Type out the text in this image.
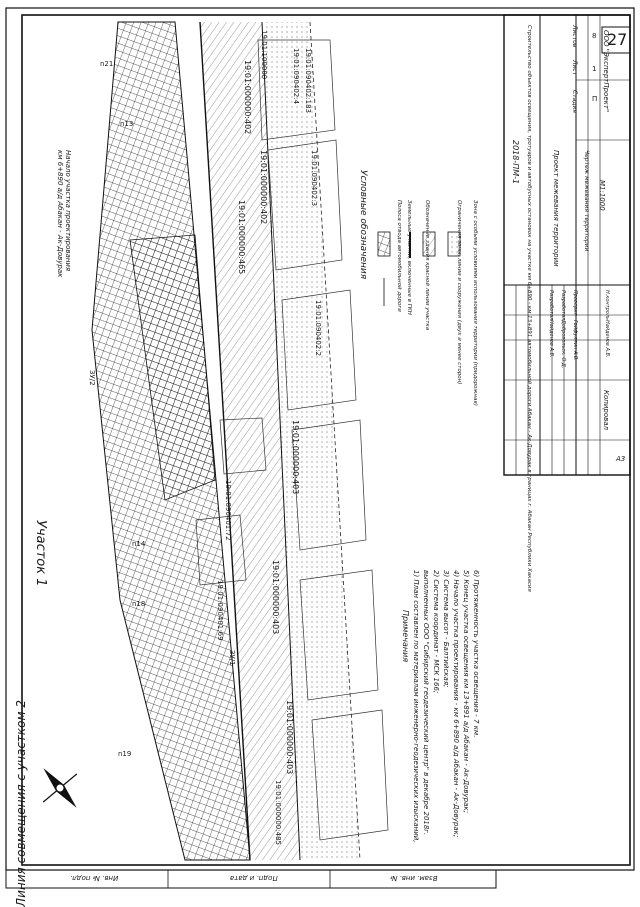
27
Участок 1
Линия совмещения с участком 2
Начало участка проектирования
км 6+890 а/д Абакан - Ак-Довурак
19:01:000000:402	19:01:090402:4 19:01:090402:183
19:01:090402:3
19:01:090402:2
19:01:000000:402
19:01:000000:403
19:01:000000:403
19:01:000000:403
19:01:000000:465
19:01:090401:72
19:01:090401:69
19:01:100000
19:01:000000:485
n21
n19
n18
n14
n13
ЗУ/2
ЗУ/1
Условные обозначения	Полоса отвода автомобильной дороги Земельные участки, включенные в ГКН Обозначение здания красной линии участка	Ограничения зоны, линии и сооружения (двух и менее сторон) Зона с особыми условиями использования территории (придорожная)
Примечания 1) План составлен по материалам инженерно-геодезических изысканий, выполненных ООО "Сибирский геодезический центр" в декабре 2018г. 2) Система координат - МСК 166; 3) Система высот - Балтийская; 4) Начало участка проектирования - км 6+890 а/д Абакан - Ак-Довурак; 5) Конец участка освещения км 13+891 а/д Абакан - Ак-Довурак; 6) Протяженность участка освещения - 7 км.
2018-ПМ-1 Строительство объектов освещения, тротуаров и автобусных остановок на участке км 6+890 - км 13+891 автомобильной дороги Абакан - Ак-Довурак в границах г. Абакан Республики Хакасия	Проект межевания территории	Чертеж межевания территории М1:1000
ООО "ЭкспертПроект"
Стадия
Лист
Листов
П
1
8
Разработал
Найденов А.В.
Разработал
Добровольск. О.Д.
Проверил
Гайфуллин А.В.
Н.контроль
Найденов А.В.
Копировал
A3
Взам. инв. №
Подп. и дата
Инв. № подл.
